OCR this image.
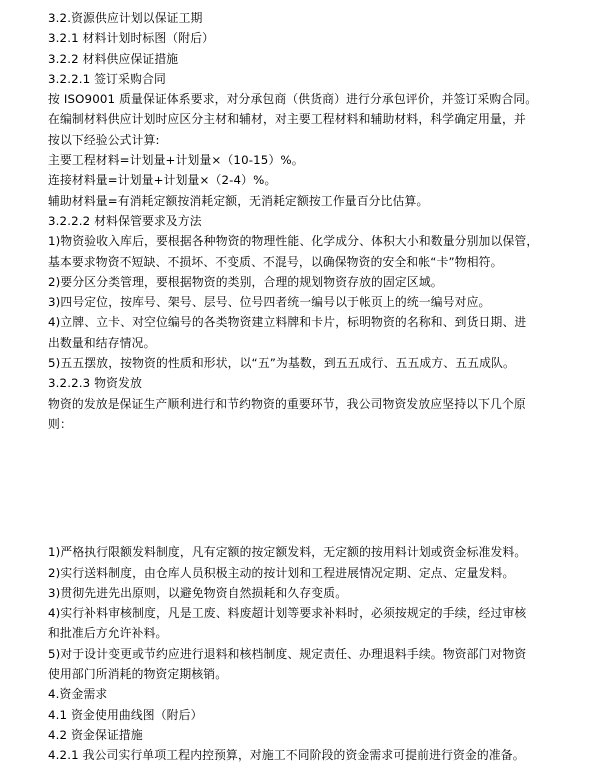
3.2.资源供应计划以保证工期
3.2.1 材料计划时标图（附后）
3.2.2 材料供应保证措施
3.2.2.1 签订采购合同
按 ISO9001 质量保证体系要求，对分承包商（供货商）进行分承包评价，并签订采购合同。
在编制材料供应计划时应区分主材和辅材，对主要工程材料和辅助材料，科学确定用量，并
按以下经验公式计算:
主要工程材料=计划量+计划量×（10-15）%。
连接材料量=计划量+计划量×（2-4）%。
辅助材料量=有消耗定额按消耗定额，无消耗定额按工作量百分比估算。
3.2.2.2 材料保管要求及方法
1)物资验收入库后，要根据各种物资的物理性能、化学成分、体积大小和数量分别加以保管，
基本要求物资不短缺、不损坏、不变质、不混号，以确保物资的安全和帐“卡”物相符。
2)要分区分类管理，要根据物资的类别，合理的规划物资存放的固定区域。
3)四号定位，按库号、架号、层号、位号四者统一编号以于帐页上的统一编号对应。
4)立牌、立卡、对空位编号的各类物资建立料牌和卡片，标明物资的名称和、到货日期、进
出数量和结存情况。
5)五五摆放，按物资的性质和形状，以“五”为基数，到五五成行、五五成方、五五成队。
3.2.2.3 物资发放
物资的发放是保证生产顺利进行和节约物资的重要环节，我公司物资发放应坚持以下几个原
则：
1)严格执行限额发料制度，凡有定额的按定额发料，无定额的按用料计划或资金标准发料。
2)实行送料制度，由仓库人员积极主动的按计划和工程进展情况定期、定点、定量发料。
3)贯彻先进先出原则，以避免物资自然损耗和久存变质。
4)实行补料审核制度，凡是工废、料废超计划等要求补料时，必须按规定的手续，经过审核
和批准后方允许补料。
5)对于设计变更或节约应进行退料和核档制度、规定责任、办理退料手续。物资部门对物资
使用部门所消耗的物资定期核销。
4.资金需求
4.1 资金使用曲线图（附后）
4.2 资金保证措施
4.2.1 我公司实行单项工程内控预算，对施工不同阶段的资金需求可提前进行资金的准备。
